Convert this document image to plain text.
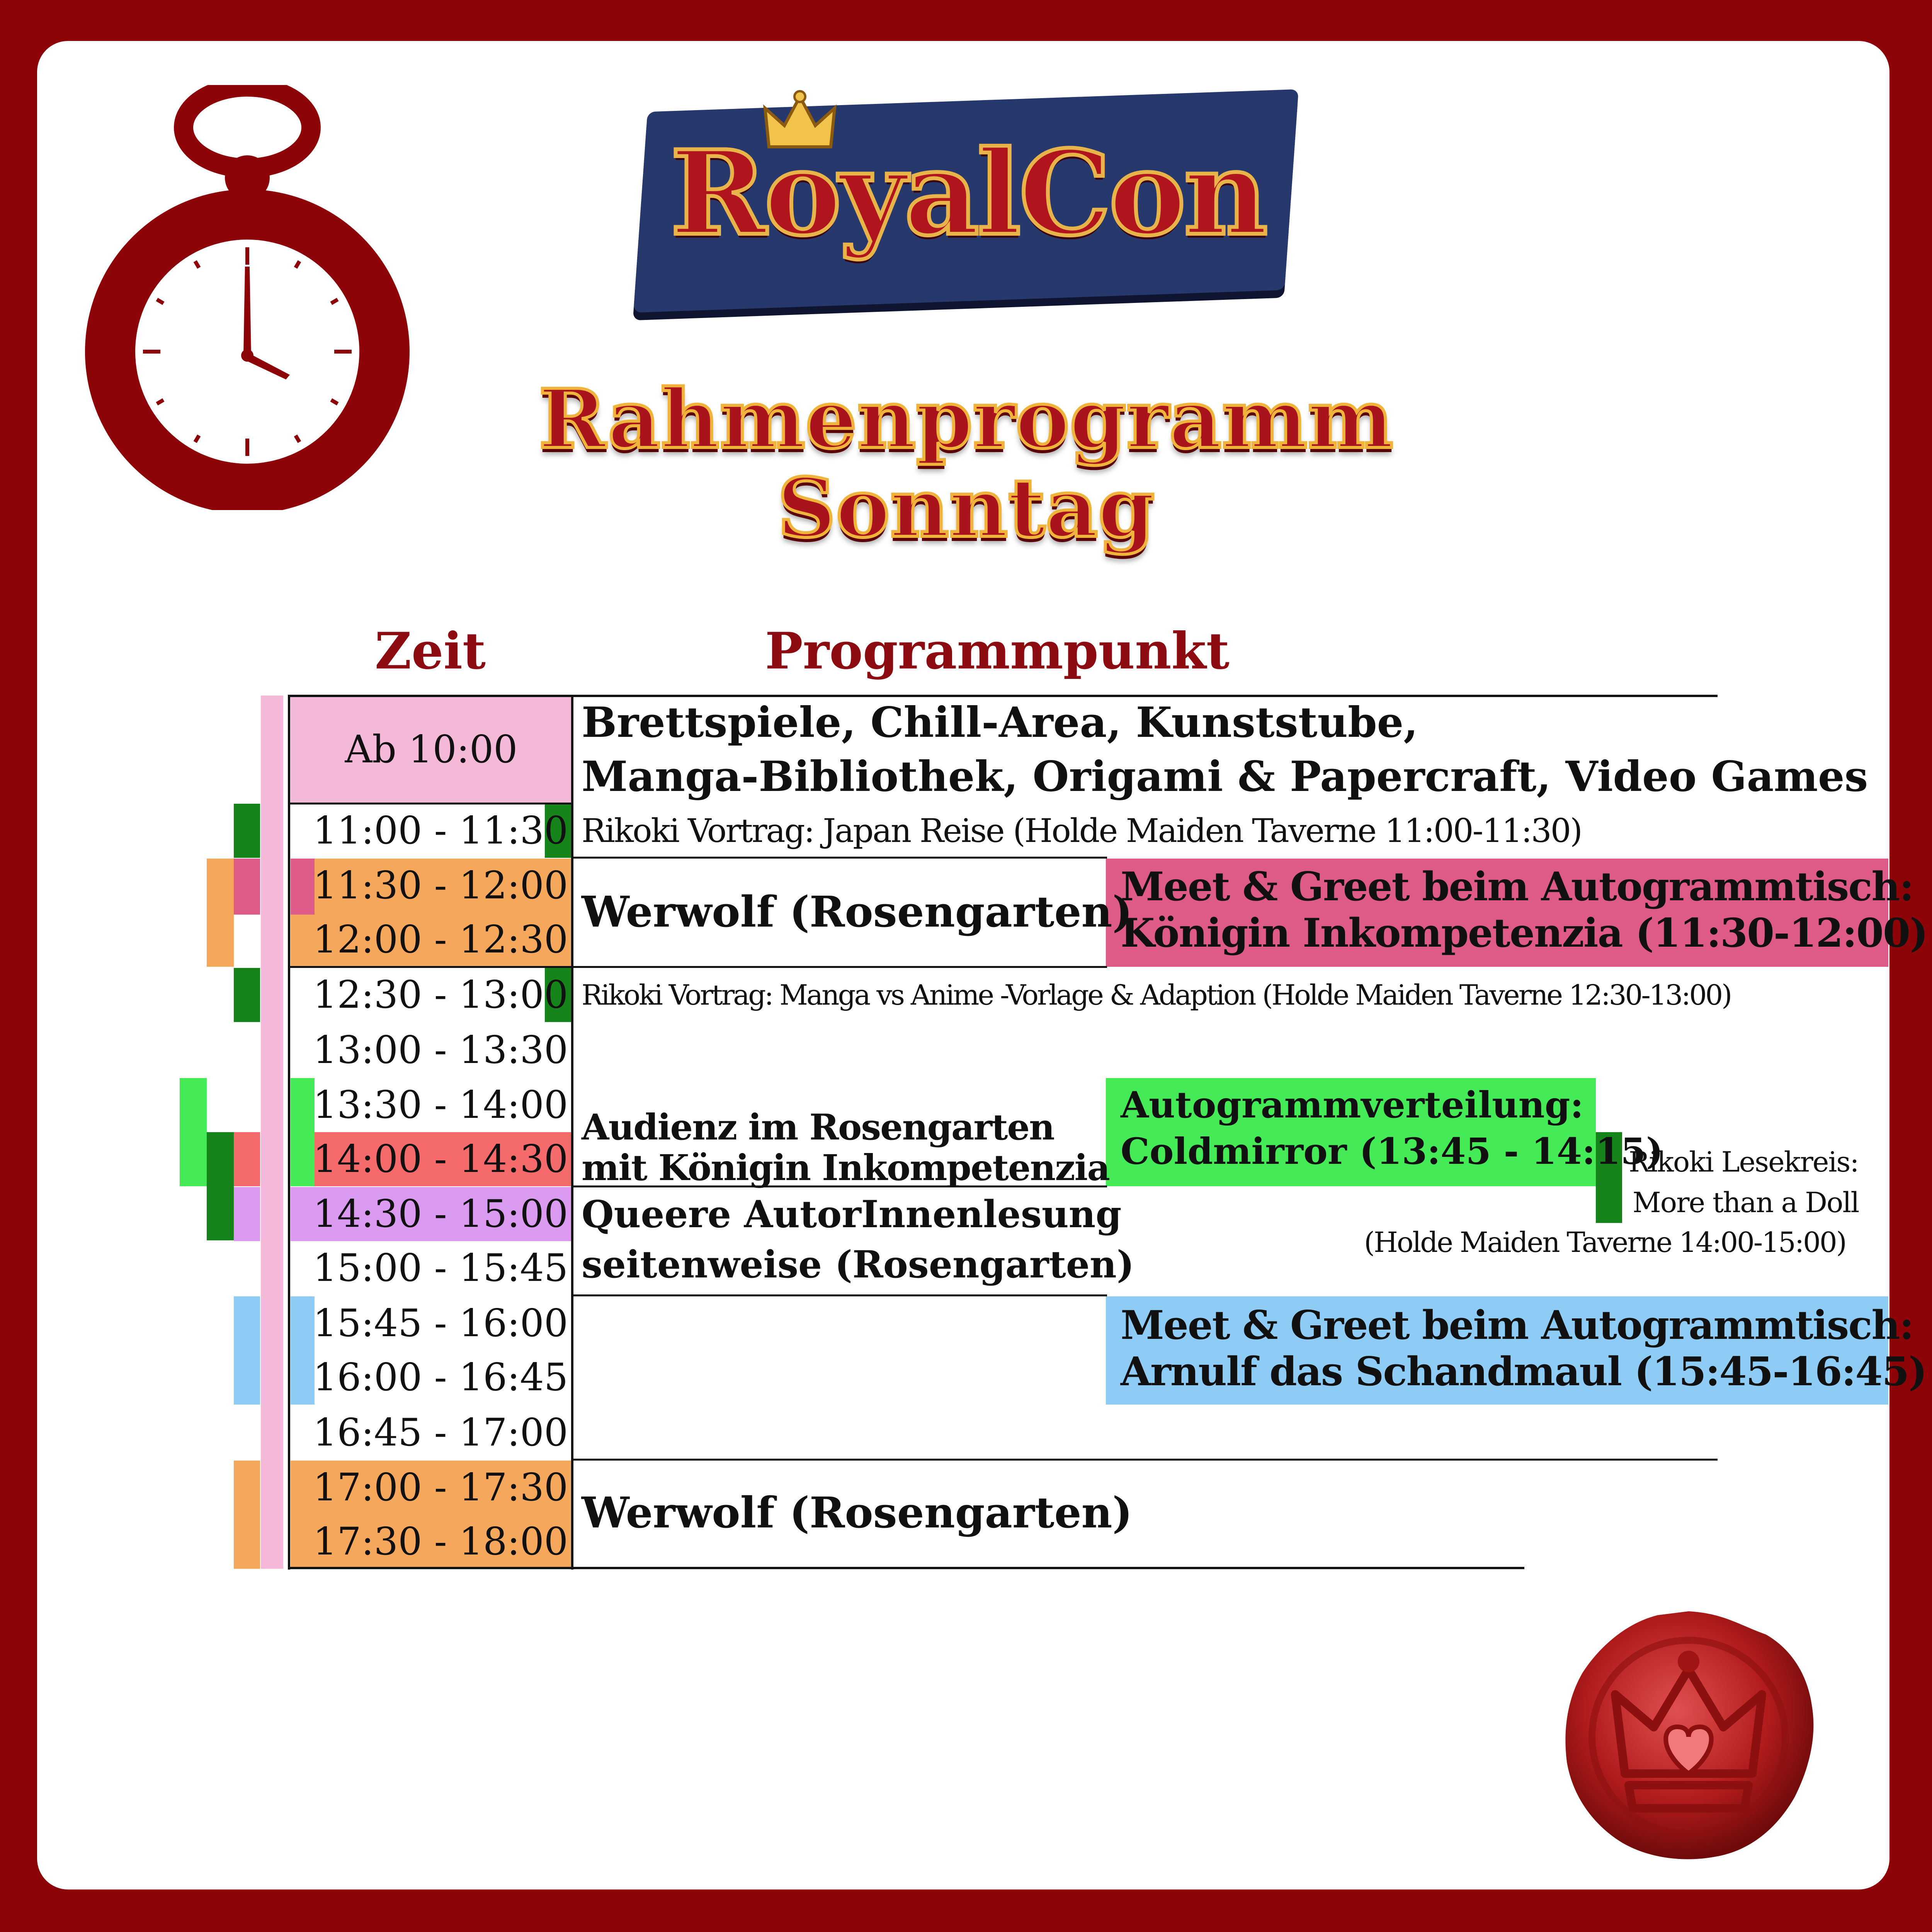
RoyalCon
Rahmenprogramm
Sonntag
Zeit	Programmpunkt
Ab 10:00
11:00 - 11:30
11:30 - 12:00
12:00 - 12:30
12:30 - 13:00
13:00 - 13:30
13:30 - 14:00
14:00 - 14:30
14:30 - 15:00
15:00 - 15:45
15:45 - 16:00
16:00 - 16:45
16:45 - 17:00
17:00 - 17:30
17:30 - 18:00
Brettspiele, Chill-Area, Kunststube,
Manga-Bibliothek, Origami & Papercraft, Video Games
Rikoki Vortrag: Japan Reise (Holde Maiden Taverne 11:00-11:30)
Werwolf (Rosengarten)
Meet & Greet beim Autogrammtisch:
Königin Inkompetenzia (11:30-12:00)
Rikoki Vortrag: Manga vs Anime -Vorlage & Adaption (Holde Maiden Taverne 12:30-13:00)
Audienz im Rosengarten
mit Königin Inkompetenzia
Autogrammverteilung:
Coldmirror (13:45 - 14:15)
Rikoki Lesekreis:
More than a Doll
(Holde Maiden Taverne 14:00-15:00)
Queere AutorInnenlesung
seitenweise (Rosengarten)
Meet & Greet beim Autogrammtisch:
Arnulf das Schandmaul (15:45-16:45)
Werwolf (Rosengarten)
